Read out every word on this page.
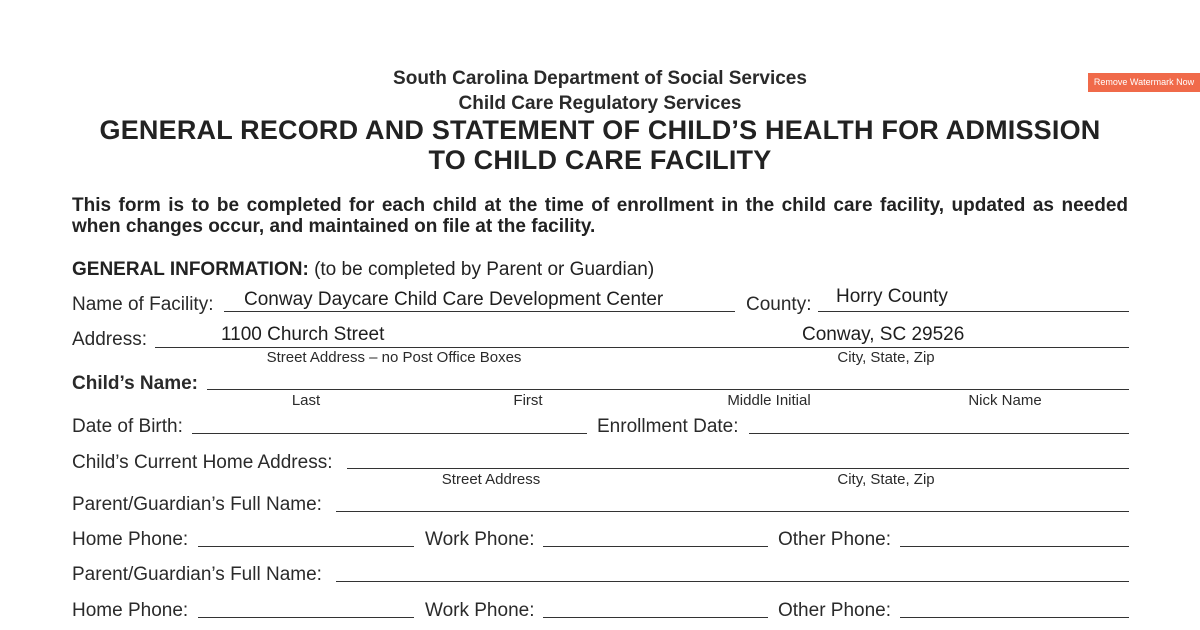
South Carolina Department of Social Services
Child Care Regulatory Services
GENERAL RECORD AND STATEMENT OF CHILD’S HEALTH FOR ADMISSION
TO CHILD CARE FACILITY
Remove Watermark Now
This form is to be completed for each child at the time of enrollment in the child care facility, updated as needed when changes occur, and maintained on file at the facility.
GENERAL INFORMATION: (to be completed by Parent or Guardian)
Name of Facility: Conway Daycare Child Care Development Center	County: Horry County
Address:	1100 Church Street	Conway, SC 29526
Street Address – no Post Office Boxes	City, State, Zip
Child’s Name:
Last	First	Middle Initial	Nick Name
Date of Birth:	Enrollment Date:
Child’s Current Home Address:
Street Address	City, State, Zip
Parent/Guardian’s Full Name:
Home Phone:	Work Phone:	Other Phone:
Parent/Guardian’s Full Name:
Home Phone:	Work Phone:	Other Phone:
